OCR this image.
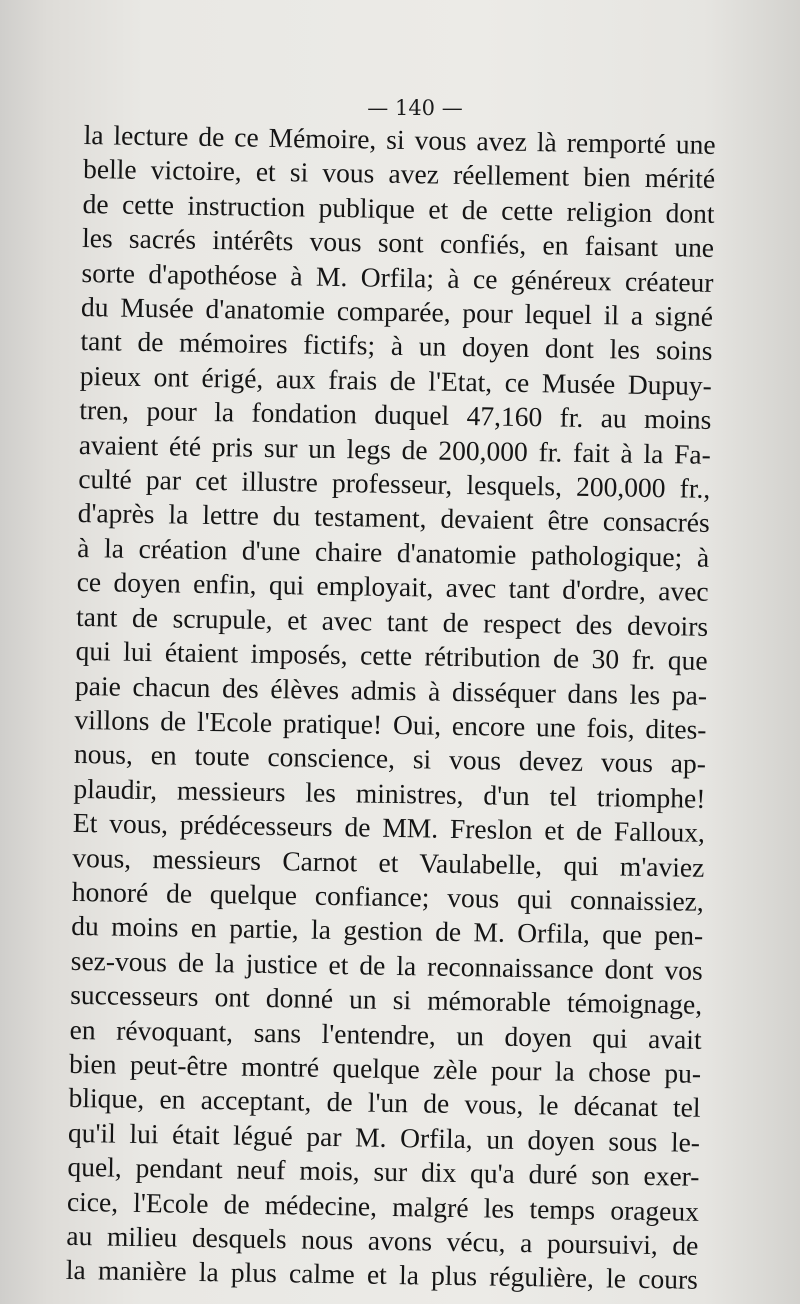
— 140 —
la lecture de ce Mémoire, si vous avez là remporté une
belle victoire, et si vous avez réellement bien mérité
de cette instruction publique et de cette religion dont
les sacrés intérêts vous sont confiés, en faisant une
sorte d'apothéose à M. Orfila; à ce généreux créateur
du Musée d'anatomie comparée, pour lequel il a signé
tant de mémoires fictifs; à un doyen dont les soins
pieux ont érigé, aux frais de l'Etat, ce Musée Dupuy-
tren, pour la fondation duquel 47,160 fr. au moins
avaient été pris sur un legs de 200,000 fr. fait à la Fa-
culté par cet illustre professeur, lesquels, 200,000 fr.,
d'après la lettre du testament, devaient être consacrés
à la création d'une chaire d'anatomie pathologique; à
ce doyen enfin, qui employait, avec tant d'ordre, avec
tant de scrupule, et avec tant de respect des devoirs
qui lui étaient imposés, cette rétribution de 30 fr. que
paie chacun des élèves admis à disséquer dans les pa-
villons de l'Ecole pratique! Oui, encore une fois, dites-
nous, en toute conscience, si vous devez vous ap-
plaudir, messieurs les ministres, d'un tel triomphe!
Et vous, prédécesseurs de MM. Freslon et de Falloux,
vous, messieurs Carnot et Vaulabelle, qui m'aviez
honoré de quelque confiance; vous qui connaissiez,
du moins en partie, la gestion de M. Orfila, que pen-
sez-vous de la justice et de la reconnaissance dont vos
successeurs ont donné un si mémorable témoignage,
en révoquant, sans l'entendre, un doyen qui avait
bien peut-être montré quelque zèle pour la chose pu-
blique, en acceptant, de l'un de vous, le décanat tel
qu'il lui était légué par M. Orfila, un doyen sous le-
quel, pendant neuf mois, sur dix qu'a duré son exer-
cice, l'Ecole de médecine, malgré les temps orageux
au milieu desquels nous avons vécu, a poursuivi, de
la manière la plus calme et la plus régulière, le cours
